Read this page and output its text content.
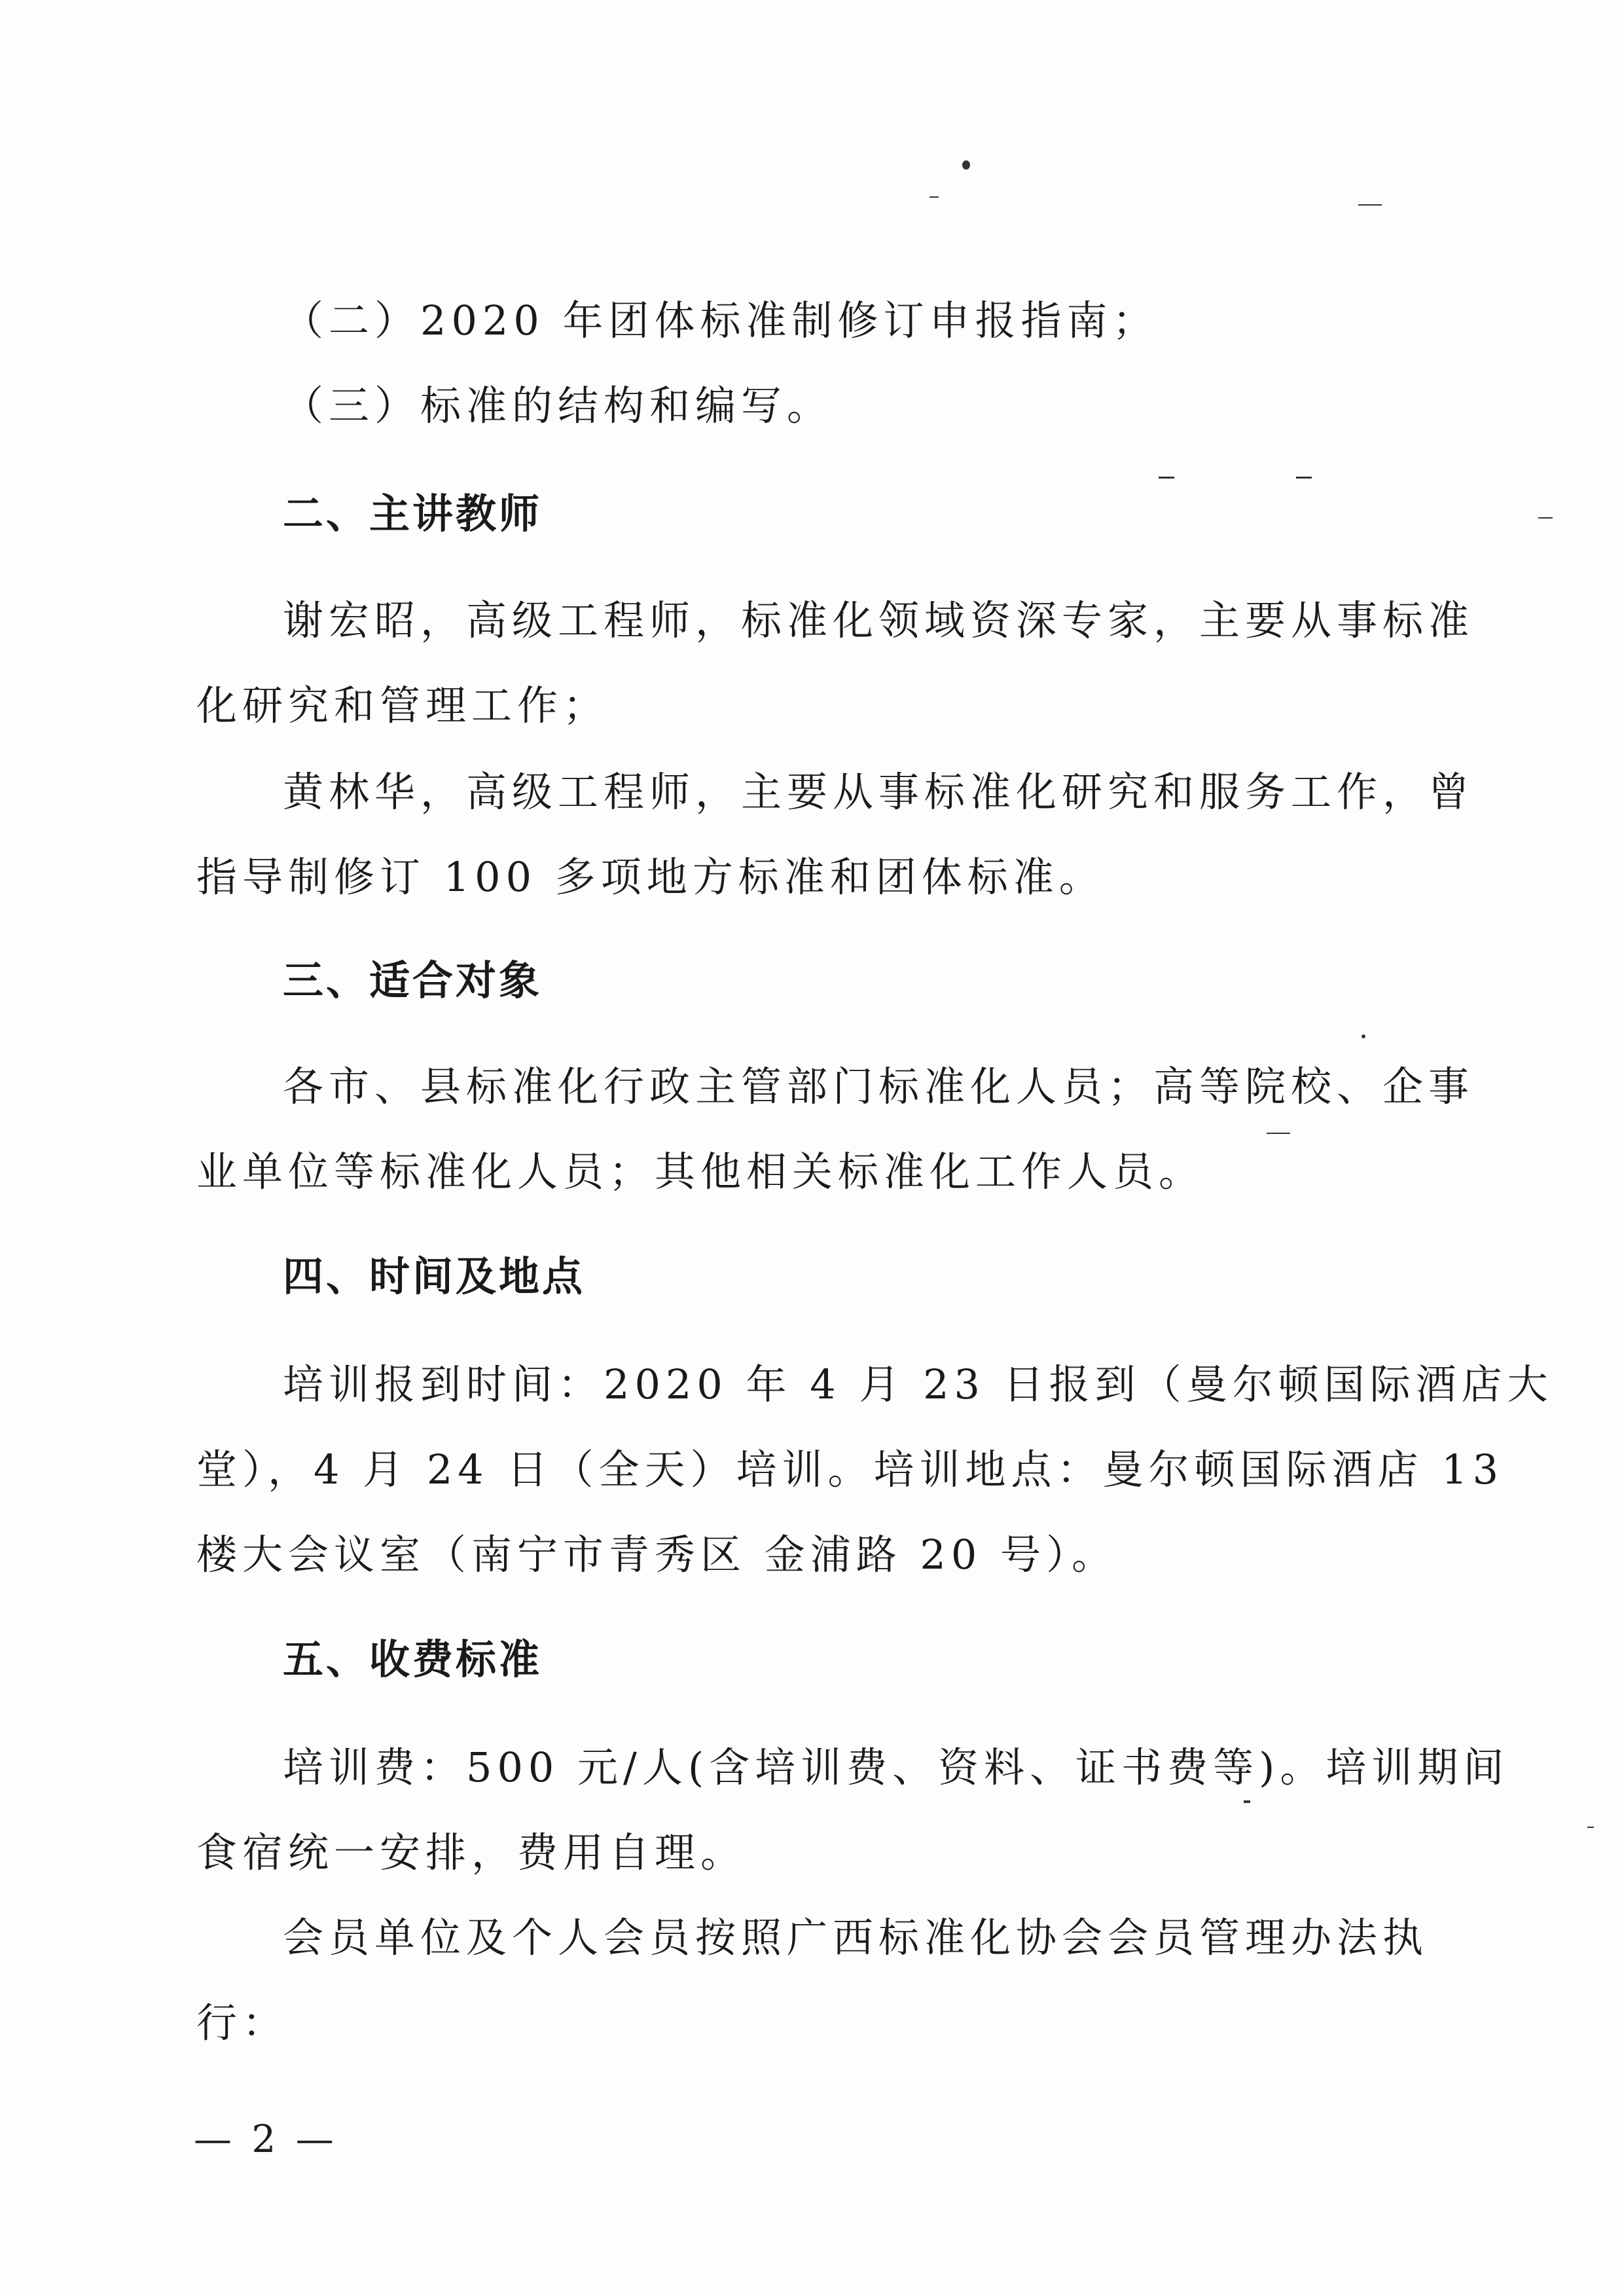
（二）2020 年团体标准制修订申报指南；
（三）标准的结构和编写。
二、主讲教师
谢宏昭，高级工程师，标准化领域资深专家，主要从事标准
化研究和管理工作；
黄林华，高级工程师，主要从事标准化研究和服务工作，曾
指导制修订 100 多项地方标准和团体标准。
三、适合对象
各市、县标准化行政主管部门标准化人员；高等院校、企事
业单位等标准化人员；其他相关标准化工作人员。
四、时间及地点
培训报到时间：2020 年 4 月 23 日报到（曼尔顿国际酒店大
堂），4 月 24 日（全天）培训。培训地点：曼尔顿国际酒店 13
楼大会议室（南宁市青秀区 金浦路 20 号）。
五、收费标准
培训费：500 元/人(含培训费、资料、证书费等)。培训期间
食宿统一安排，费用自理。
会员单位及个人会员按照广西标准化协会会员管理办法执
行：
— 2 —
